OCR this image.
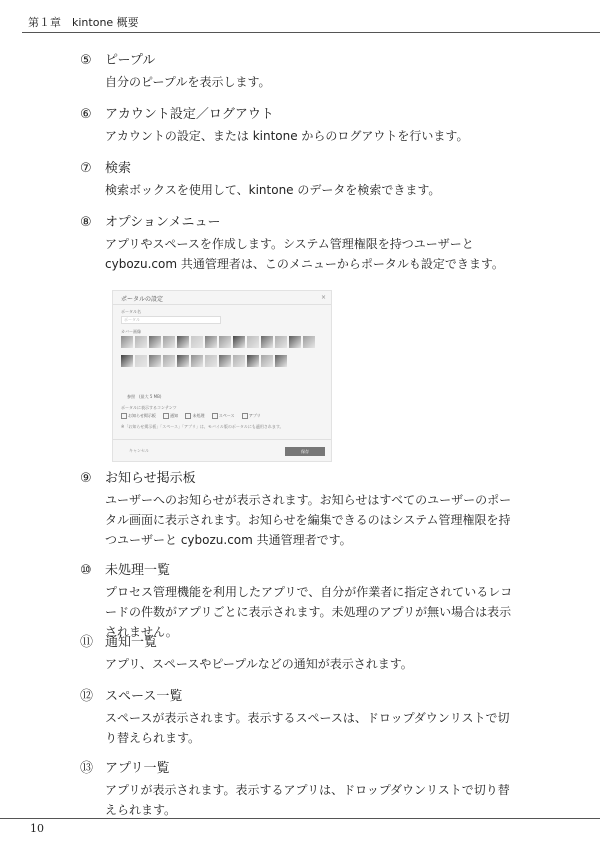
第１章　kintone 概要
⑤	ピープル
自分のピープルを表示します。
⑥	アカウント設定／ログアウト
アカウントの設定、または kintone からのログアウトを行います。
⑦	検索
検索ボックスを使用して、kintone のデータを検索できます。
⑧	オプションメニュー
アプリやスペースを作成します。システム管理権限を持つユーザーと cybozu.com 共通管理者は、このメニューからポータルも設定できます。
ポータルの設定	×
ポータル名
ポータル
カバー画像
参照　(最大 5 MB)
ポータルに表示するコンテンツ
お知らせ掲示板	通知	未処理	スペース	アプリ
※「お知らせ掲示板」「スペース」「アプリ」は、モバイル版のポータルにも適用されます。
キャンセル	保存
⑨	お知らせ掲示板
ユーザーへのお知らせが表示されます。お知らせはすべてのユーザーのポータル画面に表示されます。お知らせを編集できるのはシステム管理権限を持つユーザーと cybozu.com 共通管理者です。
⑩	未処理一覧
プロセス管理機能を利用したアプリで、自分が作業者に指定されているレコードの件数がアプリごとに表示されます。未処理のアプリが無い場合は表示されません。
⑪ 通知一覧
アプリ、スペースやピープルなどの通知が表示されます。
⑫ スペース一覧
スペースが表示されます。表示するスペースは、ドロップダウンリストで切り替えられます。
⑬ アプリ一覧
アプリが表示されます。表示するアプリは、ドロップダウンリストで切り替えられます。
10
